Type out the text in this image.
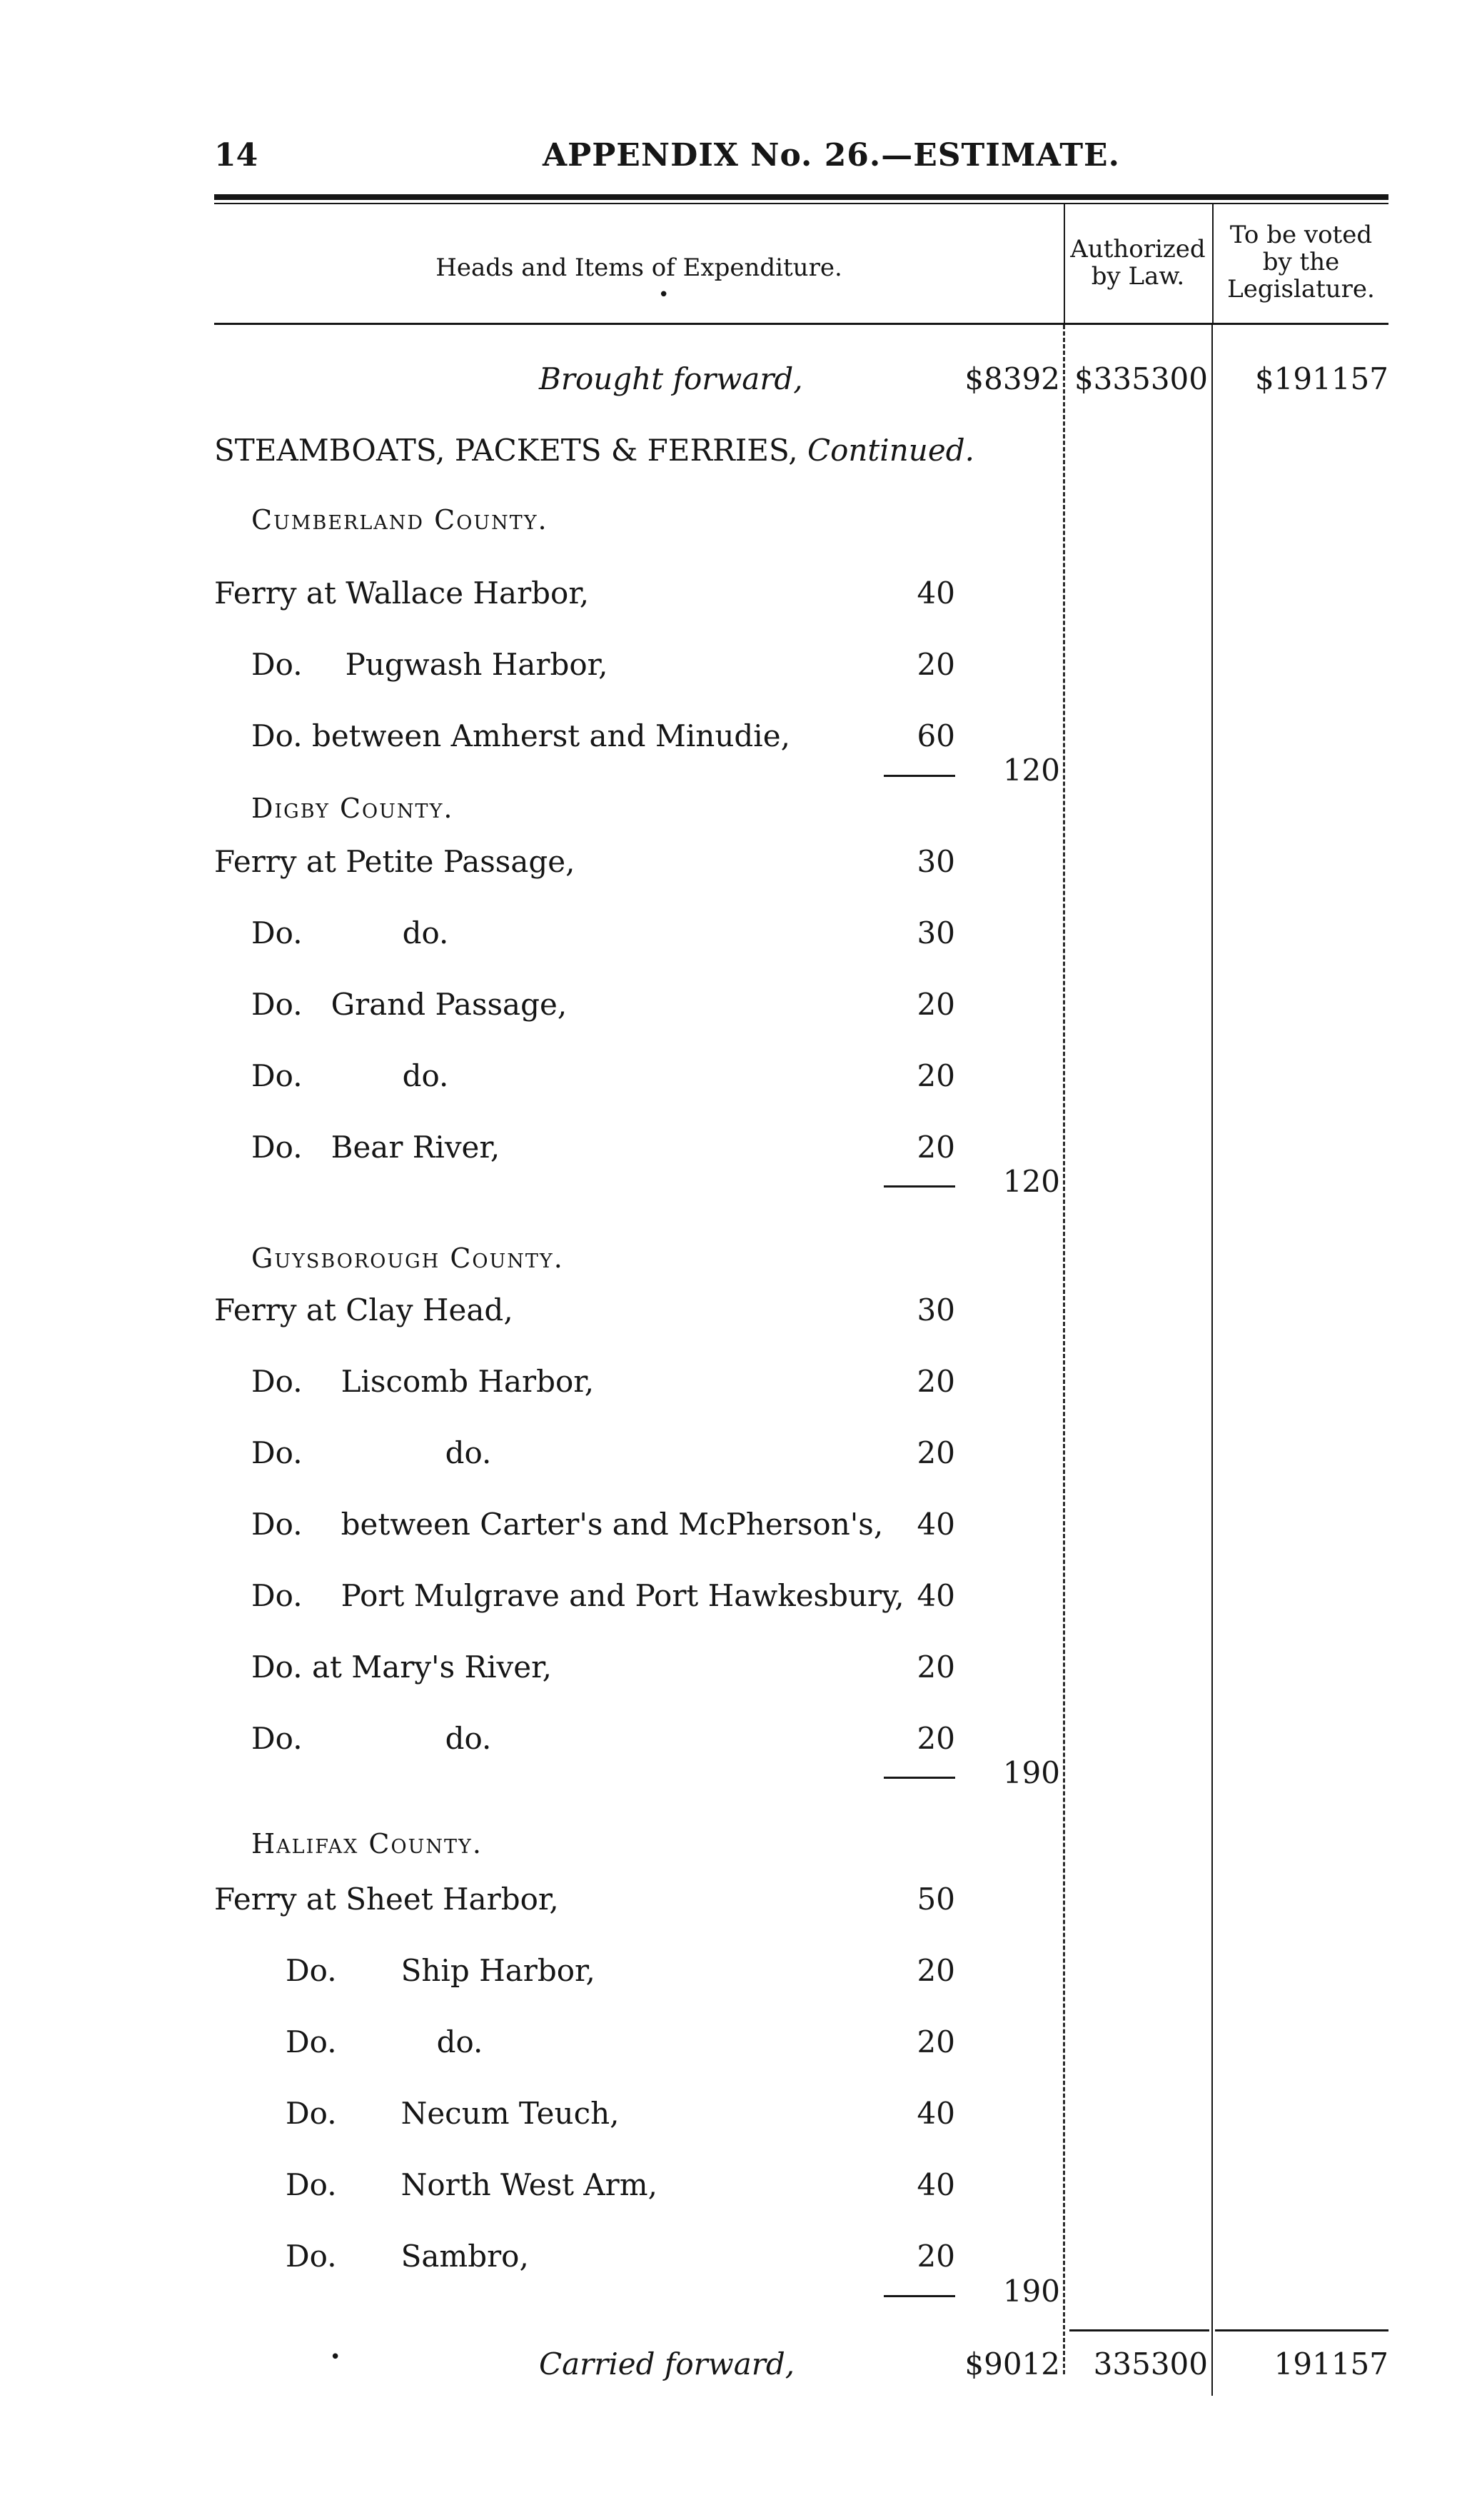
14	APPENDIX No. 26.—ESTIMATE.
Heads and Items of Expenditure.
•
Authorized
by Law.
To be voted
by the
Legislature.
Brought forward,	$8392 $335300	$191157
STEAMBOATS, PACKETS & FERRIES, Continued.
Cumberland County.
Ferry at Wallace Harbor,	40
Do. Pugwash Harbor,	20
Do. between Amherst and Minudie,	60
120
Digby County.
Ferry at Petite Passage,	30
Do.	do.	30
Do. Grand Passage,	20
Do.	do.	20
Do. Bear River,	20
120
Guysborough County.
Ferry at Clay Head,	30
Do. Liscomb Harbor,	20
Do.	do.	20
Do. between Carter's and McPherson's,	40
Do. Port Mulgrave and Port Hawkesbury, 40
Do. at Mary's River,	20
Do.	do.	20
190
Halifax County.
Ferry at Sheet Harbor,	50
Do. Ship Harbor,	20
Do.	do.	20
Do. Necum Teuch,	40
Do. North West Arm,	40
Do. Sambro,	20
190
•	Carried forward,	$9012	335300	191157
